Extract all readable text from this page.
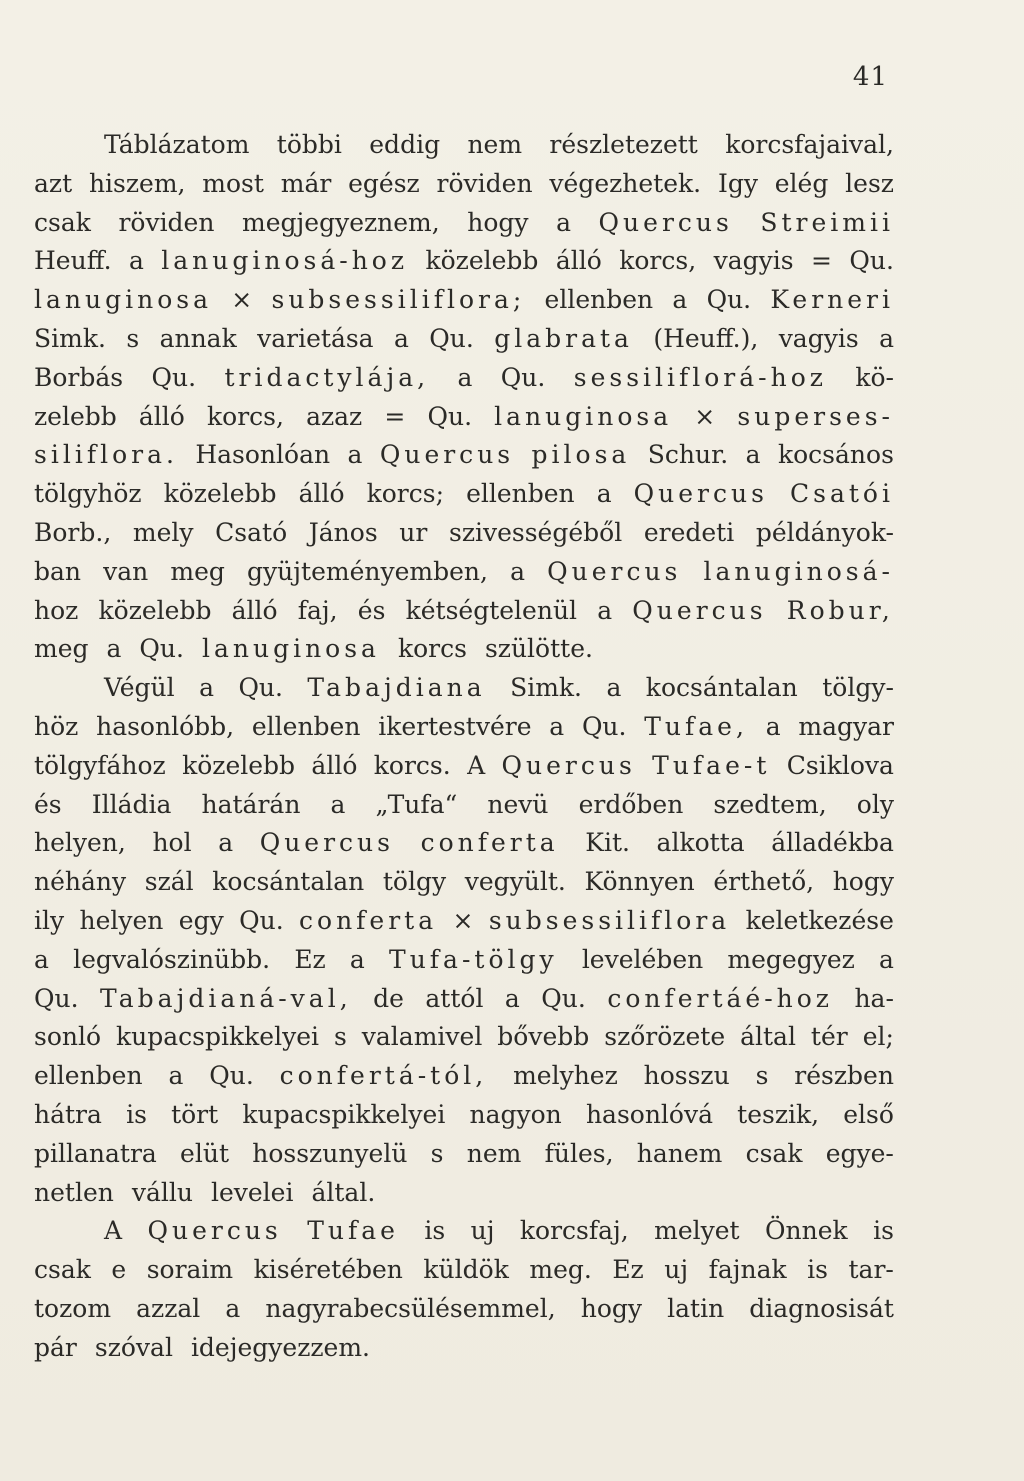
41
Táblázatom többi eddig nem részletezett korcsfajaival,
azt hiszem, most már egész röviden végezhetek. Igy elég lesz
csak röviden megjegyeznem, hogy a Quercus Streimii
Heuff. a lanuginosá-hoz közelebb álló korcs, vagyis = Qu.
lanuginosa × subsessiliflora; ellenben a Qu. Kerneri
Simk. s annak varietása a Qu. glabrata (Heuff.), vagyis a
Borbás Qu. tridactylája, a Qu. sessiliflorá-hoz kö-
zelebb álló korcs, azaz = Qu. lanuginosa × superses-
siliflora. Hasonlóan a Quercus pilosa Schur. a kocsános
tölgyhöz közelebb álló korcs; ellenben a Quercus Csatói
Borb., mely Csató János ur szivességéből eredeti példányok-
ban van meg gyüjteményemben, a Quercus lanuginosá-
hoz közelebb álló faj, és kétségtelenül a Quercus Robur,
meg a Qu. lanuginosa korcs szülötte.
Végül a Qu. Tabajdiana Simk. a kocsántalan tölgy-
höz hasonlóbb, ellenben ikertestvére a Qu. Tufae, a magyar
tölgyfához közelebb álló korcs. A Quercus Tufae-t Csiklova
és Illádia határán a „Tufa“ nevü erdőben szedtem, oly
helyen, hol a Quercus conferta Kit. alkotta álladékba
néhány szál kocsántalan tölgy vegyült. Könnyen érthető, hogy
ily helyen egy Qu. conferta × subsessiliflora keletkezése
a legvalószinübb. Ez a Tufa-tölgy levelében megegyez a
Qu. Tabajdianá-val, de attól a Qu. confertáé-hoz ha-
sonló kupacspikkelyei s valamivel bővebb szőrözete által tér el;
ellenben a Qu. confertá-tól, melyhez hosszu s részben
hátra is tört kupacspikkelyei nagyon hasonlóvá teszik, első
pillanatra elüt hosszunyelü s nem füles, hanem csak egye-
netlen vállu levelei által.
A Quercus Tufae is uj korcsfaj, melyet Önnek is
csak e soraim kiséretében küldök meg. Ez uj fajnak is tar-
tozom azzal a nagyrabecsülésemmel, hogy latin diagnosisát
pár szóval idejegyezzem.
